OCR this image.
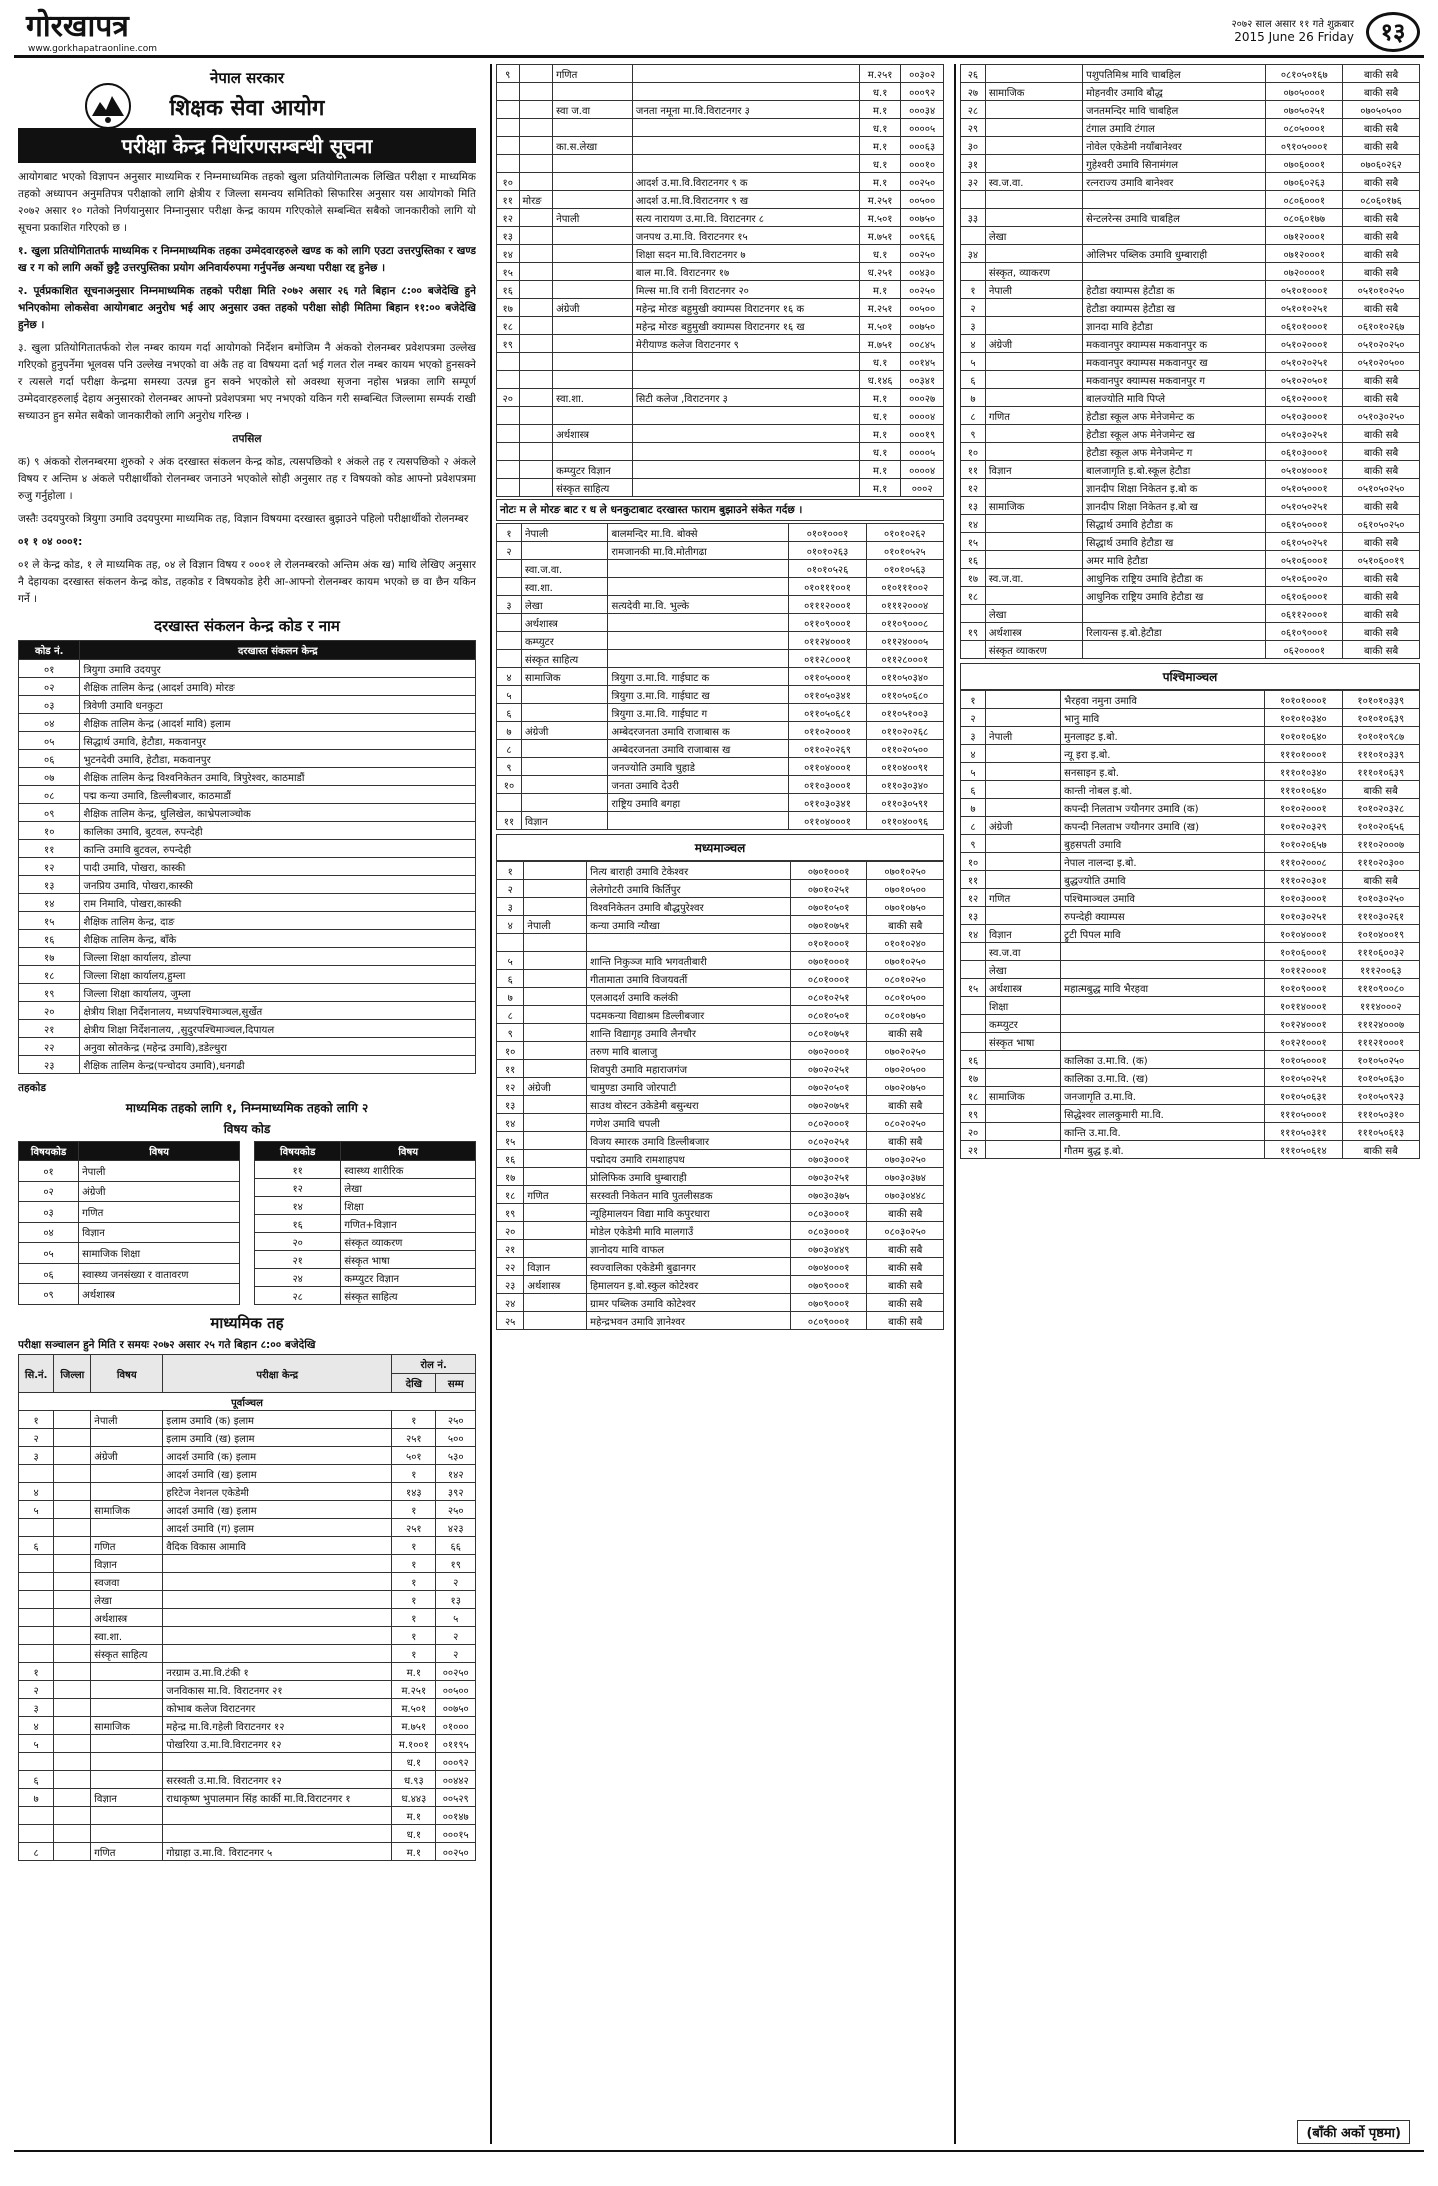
गोरखापत्र
www.gorkhapatraonline.com
२०७२ साल असार ११ गते शुक्रबार
2015 June 26 Friday	१३
नेपाल सरकार
शिक्षक सेवा आयोग
परीक्षा केन्द्र निर्धारणसम्बन्धी सूचना

आयोगबाट भएको विज्ञापन अनुसार माध्यमिक र निम्नमाध्यमिक तहको खुला प्रतियोगितात्मक लिखित परीक्षा र माध्यमिक तहको अध्यापन अनुमतिपत्र परीक्षाको लागि क्षेत्रीय र जिल्ला समन्वय समितिको सिफारिस अनुसार यस आयोगको मिति २०७२ असार १० गतेको निर्णयानुसार निम्नानुसार परीक्षा केन्द्र कायम गरिएकोले सम्बन्धित सबैको जानकारीको लागि यो सूचना प्रकाशित गरिएको छ ।

१. खुला प्रतियोगितातर्फ माध्यमिक र निम्नमाध्यमिक तहका उम्मेदवारहरुले खण्ड क को लागि एउटा उत्तरपुस्तिका र खण्ड ख र ग को लागि अर्को छुट्टै उत्तरपुस्तिका प्रयोग अनिवार्यरुपमा गर्नुपर्नेछ अन्यथा परीक्षा रद्द हुनेछ ।

२. पूर्वप्रकाशित सूचनाअनुसार निम्नमाध्यमिक तहको परीक्षा मिति २०७२ असार २६ गते बिहान ८:०० बजेदेखि हुने भनिएकोमा लोकसेवा आयोगबाट अनुरोध भई आए अनुसार उक्त तहको परीक्षा सोही मितिमा बिहान ११:०० बजेदेखि हुनेछ ।

३. खुला प्रतियोगितातर्फको रोल नम्बर कायम गर्दा आयोगको निर्देशन बमोजिम नै अंकको रोलनम्बर प्रवेशपत्रमा उल्लेख गरिएको हुनुपर्नेमा भूलवस पनि उल्लेख नभएको वा अंकै तह वा विषयमा दर्ता भई गलत रोल नम्बर कायम भएको हुनसक्ने र त्यसले गर्दा परीक्षा केन्द्रमा समस्या उत्पन्न हुन सक्ने भएकोले सो अवस्था सृजना नहोस भन्नका लागि सम्पूर्ण उम्मेदवारहरुलाई देहाय अनुसारको रोलनम्बर आफ्नो प्रवेशपत्रमा भए नभएको यकिन गरी सम्बन्धित जिल्लामा सम्पर्क राखी सच्याउन हुन समेत सबैको जानकारीको लागि अनुरोध गरिन्छ ।

तपसिल

क) ९ अंकको रोलनम्बरमा शुरुको २ अंक दरखास्त संकलन केन्द्र कोड, त्यसपछिको १ अंकले तह र त्यसपछिको २ अंकले विषय र अन्तिम ४ अंकले परीक्षार्थीको रोलनम्बर जनाउने भएकोले सोही अनुसार तह र विषयको कोड आफ्नो प्रवेशपत्रमा रुजु गर्नुहोला ।

जस्तैः उदयपुरको त्रियुगा उमावि उदयपुरमा माध्यमिक तह, विज्ञान विषयमा दरखास्त बुझाउने पहिलो परीक्षार्थीको रोलनम्बर

०१ १ ०४ ०००१:

०१ ले केन्द्र कोड, १ ले माध्यमिक तह, ०४ ले विज्ञान विषय र ०००१ ले रोलनम्बरको अन्तिम अंक ख) माथि लेखिए अनुसार नै देहायका दरखास्त संकलन केन्द्र कोड, तहकोड र विषयकोड हेरी आ-आफ्नो रोलनम्बर कायम भएको छ वा छैन यकिन गर्ने ।

दरखास्त संकलन केन्द्र कोड र नाम
कोड नं.	दरखास्त संकलन केन्द्र
०१	त्रियुगा उमावि उदयपुर
०२	शैक्षिक तालिम केन्द्र (आदर्श उमावि) मोरङ
०३	त्रिवेणी उमावि धनकुटा
०४	शैक्षिक तालिम केन्द्र (आदर्श मावि) इलाम
०५	सिद्धार्थ उमावि, हेटौडा, मकवानपुर
०६	भुटनदेवी उमावि, हेटौडा, मकवानपुर
०७	शैक्षिक तालिम केन्द्र विश्वनिकेतन उमावि, त्रिपुरेश्वर, काठमाडौं
०८	पद्म कन्या उमावि, डिल्लीबजार, काठमाडौं
०९	शैक्षिक तालिम केन्द्र, धुलिखेल, काभ्रेपलाञ्चोक
१०	कालिका उमावि, बुटवल, रुपन्देही
११	कान्ति उमावि बुटवल, रुपन्देही
१२	पादी उमावि, पोखरा, कास्की
१३	जनप्रिय उमावि, पोखरा,कास्की
१४	राम निमावि, पोखरा,कास्की
१५	शैक्षिक तालिम केन्द्र, दाङ
१६	शैक्षिक तालिम केन्द्र, बाँके
१७	जिल्ला शिक्षा कार्यालय, डोल्पा
१८	जिल्ला शिक्षा कार्यालय,हुम्ला
१९	जिल्ला शिक्षा कार्यालय, जुम्ला
२०	क्षेत्रीय शिक्षा निर्देशनालय, मध्यपश्चिमाञ्चल,सुर्खेत
२१	क्षेत्रीय शिक्षा निर्देशनालय, ,सुदुरपश्चिमाञ्चल,दिपायल
२२	अनुवा स्रोतकेन्द्र (महेन्द्र उमावि),डडेल्धुरा
२३	शैक्षिक तालिम केन्द्र(पन्चोदय उमावि),धनगढी
तहकोड
माध्यमिक तहको लागि १, निम्नमाध्यमिक तहको लागि २
विषय कोड
विषयकोड	विषय
०१	नेपाली
०२	अंग्रेजी
०३	गणित
०४	विज्ञान
०५	सामाजिक शिक्षा
०६	स्वास्थ्य जनसंख्या र वातावरण
०९	अर्थशास्त्र
विषयकोड	विषय
११	स्वास्थ्य शारीरिक
१२	लेखा
१४	शिक्षा
१६	गणित+विज्ञान
२०	संस्कृत व्याकरण
२१	संस्कृत भाषा
२४	कम्प्युटर विज्ञान
२८	संस्कृत साहित्य
माध्यमिक तह
परीक्षा सञ्चालन हुने मिति र समयः २०७२ असार २५ गते बिहान ८:०० बजेदेखि
सि.नं.	जिल्ला	विषय	परीक्षा केन्द्र	रोल नं.	
				देखि	सम्म
पूर्वाञ्चल					
१		नेपाली	इलाम उमावि (क) इलाम	१	२५०
२			इलाम उमावि (ख) इलाम	२५१	५००
३		अंग्रेजी	आदर्श उमावि (क) इलाम	५०१	५३०
			आदर्श उमावि (ख) इलाम	१	१४२
४			हरिटेज नेशनल एकेडेमी	१४३	३९२
५		सामाजिक	आदर्श उमावि (ख) इलाम	१	२५०
			आदर्श उमावि (ग) इलाम	२५१	४२३
६		गणित	वैदिक विकास आमावि	१	६६
		विज्ञान		१	१९
		स्वजवा		१	२
		लेखा		१	१३
		अर्थशास्त्र		१	५
		स्वा.शा.		१	२
		संस्कृत साहित्य		१	२
१			नरग्राम उ.मा.वि.टंकी १	म.१	००२५०
२			जनविकास मा.वि. विराटनगर २१	म.२५१	००५००
३			कोभाब कलेज विराटनगर	म.५०१	००७५०
४		सामाजिक	महेन्द्र मा.वि.गहेली विराटनगर १२	म.७५१	०१०००
५			पोखरिया उ.मा.वि.विराटनगर १२	म.१००१	०११९५
				ध.१	०००९२
६			सरस्वती उ.मा.वि. विराटनगर १२	ध.९३	००४४२
७		विज्ञान	राधाकृष्ण भुपालमान सिंह कार्की मा.वि.विराटनगर १	ध.४४३	००५२९
				म.१	००१४७
				ध.१	०००१५
८		गणित	गोग्राहा उ.मा.वि. विराटनगर ५	म.१	००२५०
९		गणित		म.२५१	००३०२
				ध.१	०००९२
		स्वा ज.वा	जनता नमूना मा.वि.विराटनगर ३	म.१	०००३४
				ध.१	००००५
		का.स.लेखा		म.१	०००६३
				ध.१	०००१०
१०			आदर्श उ.मा.वि.विराटनगर ९ क	म.१	००२५०
११	मोरङ		आदर्श उ.मा.वि.विराटनगर ९ ख	म.२५१	००५००
१२		नेपाली	सत्य नारायण उ.मा.वि. विराटनगर ८	म.५०१	००७५०
१३			जनपथ उ.मा.वि. विराटनगर १५	म.७५१	००९६६
१४			शिक्षा सदन मा.वि.विराटनगर ७	ध.१	००२५०
१५			बाल मा.वि. विराटनगर १७	ध.२५१	००४३०
१६			मिल्स मा.वि रानी विराटनगर २०	म.१	००२५०
१७		अंग्रेजी	महेन्द्र मोरङ बहुमुखी क्याम्पस विराटनगर १६ क	म.२५१	००५००
१८			महेन्द्र मोरङ बहुमुखी क्याम्पस विराटनगर १६ ख	म.५०१	००७५०
१९			मेरीयाण्ड कलेज विराटनगर ९	म.७५१	००८४५
				ध.१	००१४५
				ध.१४६	००३४१
२०		स्वा.शा.	सिटी कलेज ,विराटनगर ३	म.१	०००२७
				ध.१	००००४
		अर्थशास्त्र		म.१	०००१९
				ध.१	००००५
		कम्प्युटर विज्ञान		म.१	००००४
		संस्कृत साहित्य		म.१	०००२
नोटः म ले मोरङ बाट र ध ले धनकुटाबाट दरखास्त फाराम बुझाउने संकेत गर्दछ ।
१	नेपाली	बालमन्दिर मा.वि. बोक्से	०१०१०००१	०१०१०२६२
२		रामजानकी मा.वि.मोतीगढा	०१०१०२६३	०१०१०५२५
	स्वा.ज.वा.		०१०१०५२६	०१०१०५६३
	स्वा.शा.		०१०१११००१	०१०१११००२
३	लेखा	सत्यदेवी मा.वि. भुल्के	०१११२०००१	०१११२०००४
	अर्थशास्त्र		०११०९०००१	०११०९०००८
	कम्प्युटर		०११२४०००१	०११२४०००५
	संस्कृत साहित्य		०११२८०००१	०११२८०००१
४	सामाजिक	त्रियुगा उ.मा.वि. गाईघाट क	०११०५०००१	०११०५०३४०
५		त्रियुगा उ.मा.वि. गाईघाट ख	०११०५०३४१	०११०५०६८०
६		त्रियुगा उ.मा.वि. गाईघाट ग	०११०५०६८१	०११०५१००३
७	अंग्रेजी	अम्बेदरजनता उमावि राजाबास क	०११०२०००१	०११०२०२६८
८		अम्बेदरजनता उमावि राजाबास ख	०११०२०२६९	०११०२०५००
९		जनज्योति उमावि चुहाडे	०११०४०००१	०११०४००९१
१०		जनता उमावि देउरी	०११०३०००१	०११०३०३४०
		राष्ट्रिय उमावि बगहा	०११०३०३४१	०११०३०५९१
११	विज्ञान		०११०४०००१	०११०४००९६
मध्यमाञ्चल
१		नित्य बाराही उमावि टेकेश्वर	०७०१०००१	०७०१०२५०
२		लेलेगोटरी उमावि किर्तिपुर	०७०१०२५१	०७०१०५००
३		विश्वनिकेतन उमावि बौद्धपुरेश्वर	०७०१०५०१	०७०१०७५०
४	नेपाली	कन्या उमावि न्यौखा	०७०१०७५१	बाकी सबै
			०१०१०००१	०१०१०२४०
५		शान्ति निकुञ्ज मावि भगवतीबारी	०७०१०००१	०७०१०२५०
६		गीतामाता उमावि विजयवर्ती	०८०१०००१	०८०१०२५०
७		एलआदर्श उमावि कलंकी	०८०१०२५१	०८०१०५००
८		पदमकन्या विद्याश्रम डिल्लीबजार	०८०१०५०१	०८०१०७५०
९		शान्ति विद्यागृह उमावि लैनचौर	०८०१०७५१	बाकी सबै
१०		तरुण मावि बालाजु	०७०२०००१	०७०२०२५०
११		शिवपुरी उमावि महाराजगंज	०७०२०२५१	०७०२०५००
१२	अंग्रेजी	चामुण्डा उमावि जोरपाटी	०७०२०५०१	०७०२०७५०
१३		साउथ वोस्टन उकेडेमी बसुन्धरा	०७०२०७५१	बाकी सबै
१४		गणेश उमावि चपली	०८०२०००१	०८०२०२५०
१५		विजय स्मारक उमावि डिल्लीबजार	०८०२०२५१	बाकी सबै
१६		पद्मोदय उमावि रामशाहपथ	०७०३०००१	०७०३०२५०
१७		प्रोलिफिक उमावि धुम्बाराही	०७०३०२५१	०७०३०३७४
१८	गणित	सरस्वती निकेतन मावि पुतलीसडक	०७०३०३७५	०७०३०४४८
१९		न्यूहिमालयन विद्या मावि कपुरधारा	०८०३०००१	बाकी सबै
२०		मोडेल एकेडेमी मावि मालगाउँ	०८०३०००१	०८०३०२५०
२१		ज्ञानोदय मावि वाफल	०७०३०४४९	बाकी सबै
२२	विज्ञान	स्वज्वालिका एकेडेमी बुढानगर	०७०४०००१	बाकी सबै
२३	अर्थशास्त्र	हिमालयन इ.बो.स्कुल कोटेश्वर	०७०९०००१	बाकी सबै
२४		ग्रामर पब्लिक उमावि कोटेश्वर	०७०९०००१	बाकी सबै
२५		महेन्द्रभवन उमावि ज्ञानेश्वर	०८०९०००१	बाकी सबै
२६		पशुपतिमिश्र मावि चाबहिल	०८१०५०१६७	बाकी सबै
२७	सामाजिक	मोहनवीर उमावि बौद्ध	०७०५०००१	बाकी सबै
२८		जनतमन्दिर मावि चाबहिल	०७०५०२५१	०७०५०५००
२९		टंगाल उमावि टंगाल	०८०५०००१	बाकी सबै
३०		नोवेल एकेडेमी नयाँबानेश्वर	०९१०५०००१	बाकी सबै
३१		गुहेश्वरी उमावि सिनामंगल	०७०६०००१	०७०६०२६२
३२	स्व.ज.वा.	रत्नराज्य उमावि बानेश्वर	०७०६०२६३	बाकी सबै
			०८०६०००१	०८०६०१७६
३३		सेन्टलरेन्स उमावि चाबहिल	०८०६०१७७	बाकी सबै
	लेखा		०७१२०००१	बाकी सबै
३४		ओलिभर पब्लिक उमावि धुम्बाराही	०७१२०००१	बाकी सबै
	संस्कृत, व्याकरण		०७२००००१	बाकी सबै
१	नेपाली	हेटौडा क्याम्पस हेटौडा क	०५१०१०००१	०५१०१०२५०
२		हेटौडा क्याम्पस हेटौडा ख	०५१०१०२५१	बाकी सबै
३		ज्ञानदा मावि हेटौडा	०६१०१०००१	०६१०१०२६७
४	अंग्रेजी	मकवानपुर क्याम्पस मकवानपुर क	०५१०२०००१	०५१०२०२५०
५		मकवानपुर क्याम्पस मकवानपुर ख	०५१०२०२५१	०५१०२०५००
६		मकवानपुर क्याम्पस मकवानपुर ग	०५१०२०५०१	बाकी सबै
७		बालज्योति मावि पिप्ले	०६१०२०००१	बाकी सबै
८	गणित	हेटौडा स्कूल अफ मेनेजमेन्ट क	०५१०३०००१	०५१०३०२५०
९		हेटौडा स्कूल अफ मेनेजमेन्ट ख	०५१०३०२५१	बाकी सबै
१०		हेटौडा स्कूल अफ मेनेजमेन्ट ग	०६१०३०००१	बाकी सबै
११	विज्ञान	बालजागृति इ.बो.स्कूल हेटौडा	०५१०४०००१	बाकी सबै
१२		ज्ञानदीप शिक्षा निकेतन इ.बो क	०५१०५०००१	०५१०५०२५०
१३	सामाजिक	ज्ञानदीप शिक्षा निकेतन इ.बो ख	०५१०५०२५१	बाकी सबै
१४		सिद्धार्थ उमावि हेटौडा क	०६१०५०००१	०६१०५०२५०
१५		सिद्धार्थ उमावि हेटौडा ख	०६१०५०२५१	बाकी सबै
१६		अमर मावि हेटौडा	०५१०६०००१	०५१०६००१९
१७	स्व.ज.वा.	आधुनिक राष्ट्रिय उमावि हेटौडा क	०५१०६००२०	बाकी सबै
१८		आधुनिक राष्ट्रिय उमावि हेटौडा ख	०६१०६०००१	बाकी सबै
	लेखा		०६११२०००१	बाकी सबै
१९	अर्थशास्त्र	रिलायन्स इ.बो.हेटौडा	०६१०९०००१	बाकी सबै
	संस्कृत व्याकरण		०६२००००१	बाकी सबै
पश्चिमाञ्चल
१		भैरहवा नमुना उमावि	१०१०१०००१	१०१०१०३३९
२		भानु मावि	१०१०१०३४०	१०१०१०६३९
३	नेपाली	मुनलाइट इ.बो.	१०१०१०६४०	१०१०१०९८७
४		न्यू इरा इ.बो.	१११०१०००१	१११०१०३३९
५		सनसाइन इ.बो.	१११०१०३४०	१११०१०६३९
६		कान्ती नोबल इ.बो.	१११०१०६४०	बाकी सबै
७		कपन्दी निलताभ ज्यौनगर उमावि (क)	१०१०२०००१	१०१०२०३२८
८	अंग्रेजी	कपन्दी निलताभ ज्यौनगर उमावि (ख)	१०१०२०३२९	१०१०२०६५६
९		बुहसपती उमावि	१०१०२०६५७	१११०२०००७
१०		नेपाल नालन्दा इ.बो.	१११०२०००८	१११०२०३००
११		बुद्धज्योति उमावि	१११०२०३०१	बाकी सबै
१२	गणित	पश्चिमाञ्चल उमावि	१०१०३०००१	१०१०३०२५०
१३		रुपन्देही क्याम्पस	१०१०३०२५१	१११०३०२६१
१४	विज्ञान	ट्रुटी पिपल मावि	१०१०४०००१	१०१०४००१९
	स्व.ज.वा		१०१०६०००१	१११०६००३२
	लेखा		१०११२०००१	१११२००६३
१५	अर्थशास्त्र	महात्मबुद्ध मावि भैरहवा	१०१०९०००१	१११०९००८०
	शिक्षा		१०११४०००१	१११४०००२
	कम्प्युटर		१०१२४०००१	१११२४०००७
	संस्कृत भाषा		१०१२१०००१	१११२१०००१
१६		कालिका उ.मा.वि. (क)	१०१०५०००१	१०१०५०२५०
१७		कालिका उ.मा.वि. (ख)	१०१०५०२५१	१०१०५०६३०
१८	सामाजिक	जनजागृति उ.मा.वि.	१०१०५०६३१	१०१०५०९२३
१९		सिद्धेश्वर लालकुमारी मा.वि.	१११०५०००१	१११०५०३१०
२०		कान्ति उ.मा.वि.	१११०५०३११	१११०५०६१३
२१		गौतम बुद्ध इ.बो.	१११०५०६१४	बाकी सबै
(बाँकी अर्को पृष्ठमा)
